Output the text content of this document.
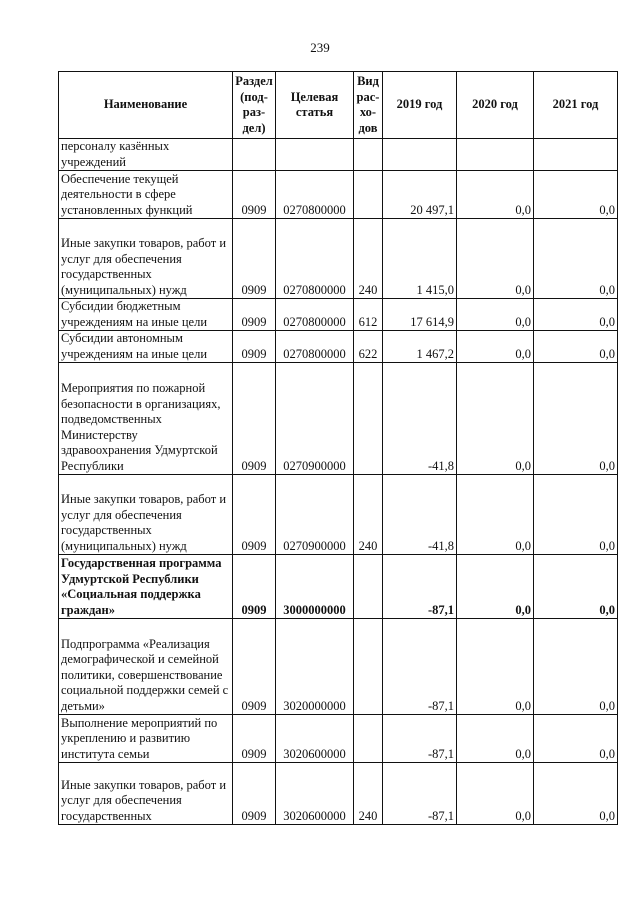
239
Наименование	Раздел (под-раз-дел)	Целевая статья	Вид рас-хо-дов	2019 год	2020 год	2021 год
персоналу казённых учреждений						
Обеспечение текущей деятельности в сфере установленных функций	0909	0270800000		20 497,1	0,0	0,0
Иные закупки товаров, работ и услуг для обеспечения государственных (муниципальных) нужд	0909	0270800000	240	1 415,0	0,0	0,0
Субсидии бюджетным учреждениям на иные цели	0909	0270800000	612	17 614,9	0,0	0,0
Субсидии автономным учреждениям на иные цели	0909	0270800000	622	1 467,2	0,0	0,0
Мероприятия по пожарной безопасности в организациях, подведомственных Министерству здравоохранения Удмуртской Республики	0909	0270900000		-41,8	0,0	0,0
Иные закупки товаров, работ и услуг для обеспечения государственных (муниципальных) нужд	0909	0270900000	240	-41,8	0,0	0,0
Государственная программа Удмуртской Республики «Социальная поддержка граждан»	0909	3000000000		-87,1	0,0	0,0
Подпрограмма «Реализация демографической и семейной политики, совершенствование социальной поддержки семей с детьми»	0909	3020000000		-87,1	0,0	0,0
Выполнение мероприятий по укреплению и развитию института семьи	0909	3020600000		-87,1	0,0	0,0
Иные закупки товаров, работ и услуг для обеспечения государственных	0909	3020600000	240	-87,1	0,0	0,0
